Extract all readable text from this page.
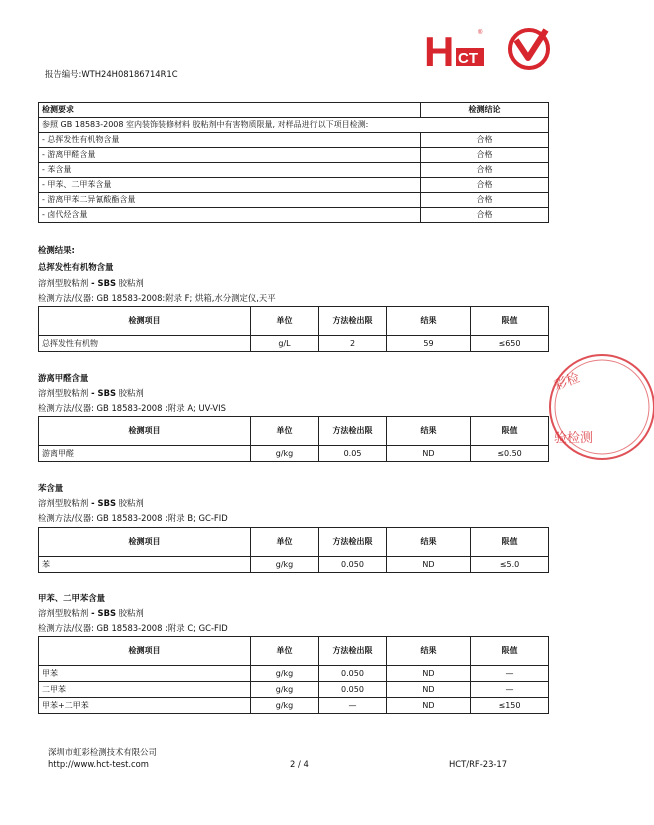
H CT
®
报告编号:WTH24H08186714R1C
检测要求	检测结论
参照 GB 18583-2008 室内装饰装修材料 胶粘剂中有害物质限量, 对样品进行以下项目检测:	
- 总挥发性有机物含量	合格
- 游离甲醛含量	合格
- 苯含量	合格
- 甲苯、二甲苯含量	合格
- 游离甲苯二异氰酸酯含量	合格
- 卤代烃含量	合格
检测结果:
总挥发性有机物含量
溶剂型胶粘剂 - SBS 胶粘剂
检测方法/仪器: GB 18583-2008:附录 F; 烘箱,水分测定仪,天平
检测项目	单位	方法检出限	结果	限值
总挥发性有机物	g/L	2	59	≤650
游离甲醛含量
溶剂型胶粘剂 - SBS 胶粘剂
检测方法/仪器: GB 18583-2008 :附录 A; UV-VIS
检测项目	单位	方法检出限	结果	限值
游离甲醛	g/kg	0.05	ND	≤0.50
苯含量
溶剂型胶粘剂 - SBS 胶粘剂
检测方法/仪器: GB 18583-2008 :附录 B; GC-FID
检测项目	单位	方法检出限	结果	限值
苯	g/kg	0.050	ND	≤5.0
甲苯、二甲苯含量
溶剂型胶粘剂 - SBS 胶粘剂
检测方法/仪器: GB 18583-2008 :附录 C; GC-FID
检测项目	单位	方法检出限	结果	限值
甲苯	g/kg	0.050	ND	—
二甲苯	g/kg	0.050	ND	—
甲苯+二甲苯	g/kg	—	ND	≤150
彩检
验检测
深圳市虹彩检测技术有限公司
http://www.hct-test.com	2 / 4	HCT/RF-23-17
